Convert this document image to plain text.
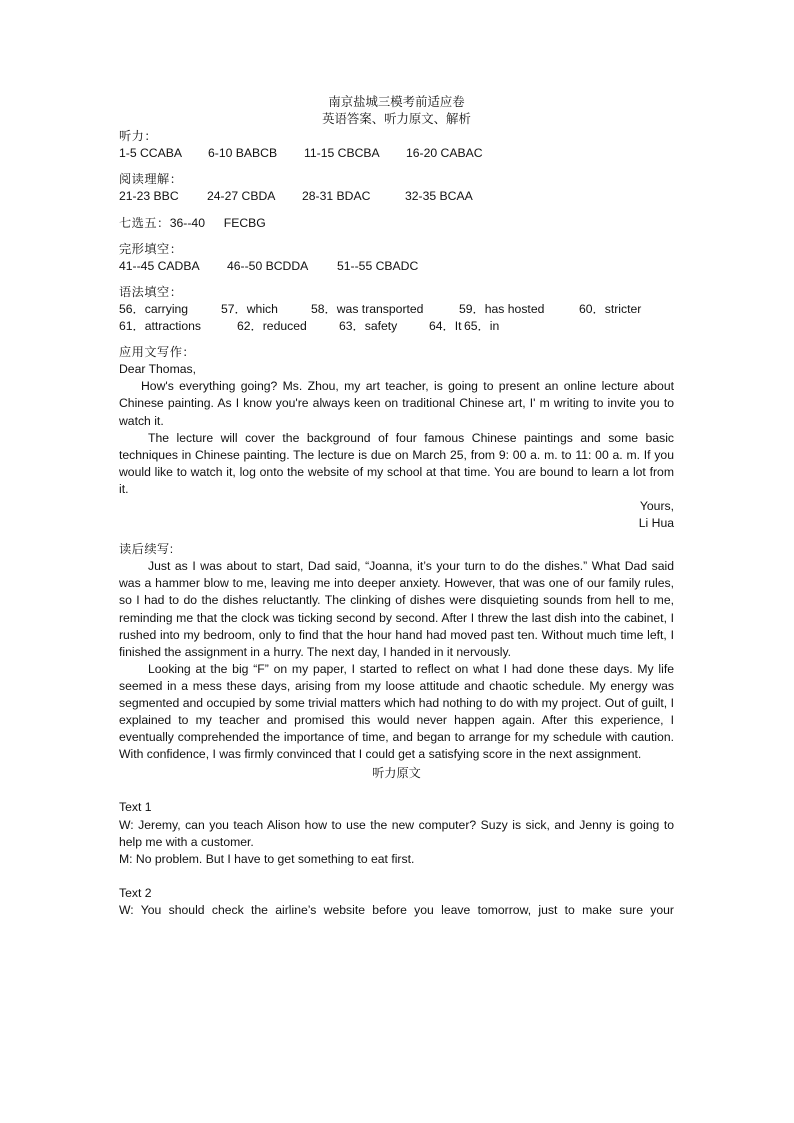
南京盐城三模考前适应卷
英语答案、听力原文、解析
听力：
1-5 CCABA	6-10 BABCB	11-15 CBCBA	16-20 CABAC
阅读理解：
21-23 BBC	24-27 CBDA	28-31 BDAC	32-35 BCAA
七选五： 36--40	FECBG
完形填空：
41--45 CADBA	46--50 BCDDA	51--55 CBADC
语法填空：
56．carrying	57．which	58．was transported	59．has hosted	60．stricter
61．attractions	62．reduced	63．safety	64．It 65．in
应用文写作：
Dear Thomas,

How's everything going? Ms. Zhou, my art teacher, is going to present an online lecture about Chinese painting. As I know you're always keen on traditional Chinese art, I' m writing to invite you to watch it.

The lecture will cover the background of four famous Chinese paintings and some basic techniques in Chinese painting. The lecture is due on March 25, from 9: 00 a. m. to 11: 00 a. m. If you would like to watch it, log onto the website of my school at that time. You are bound to learn a lot from it.

Yours,
Li Hua
读后续写:

Just as I was about to start, Dad said, “Joanna, it’s your turn to do the dishes.” What Dad said was a hammer blow to me, leaving me into deeper anxiety. However, that was one of our family rules, so I had to do the dishes reluctantly. The clinking of dishes were disquieting sounds from hell to me, reminding me that the clock was ticking second by second. After I threw the last dish into the cabinet, I rushed into my bedroom, only to find that the hour hand had moved past ten. Without much time left, I finished the assignment in a hurry. The next day, I handed in it nervously.

Looking at the big “F” on my paper, I started to reflect on what I had done these days. My life seemed in a mess these days, arising from my loose attitude and chaotic schedule. My energy was segmented and occupied by some trivial matters which had nothing to do with my project. Out of guilt, I explained to my teacher and promised this would never happen again. After this experience, I eventually comprehended the importance of time, and began to arrange for my schedule with caution. With confidence, I was firmly convinced that I could get a satisfying score in the next assignment.

听力原文
Text 1

W: Jeremy, can you teach Alison how to use the new computer? Suzy is sick, and Jenny is going to help me with a customer.

M: No problem. But I have to get something to eat first.

Text 2

W: You should check the airline’s website before you leave tomorrow, just to make sure your
